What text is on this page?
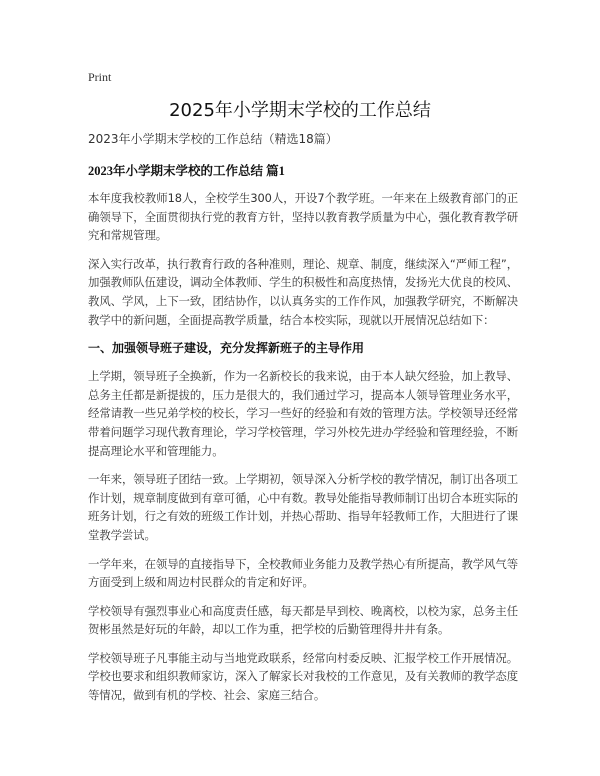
Print
2025年小学期末学校的工作总结

2023年小学期末学校的工作总结（精选18篇）

2023年小学期末学校的工作总结 篇1

本年度我校教师18人，全校学生300人，开设7个教学班。一年来在上级教育部门的正确领导下，全面贯彻执行党的教育方针，坚持以教育教学质量为中心，强化教育教学研究和常规管理。

深入实行改革，执行教育行政的各种准则，理论、规章、制度，继续深入“严师工程”，加强教师队伍建设，调动全体教师、学生的积极性和高度热情，发扬光大优良的校风、教风、学风，上下一致，团结协作，以认真务实的工作作风，加强教学研究，不断解决教学中的新问题，全面提高教学质量，结合本校实际，现就以开展情况总结如下：

一、加强领导班子建设，充分发挥新班子的主导作用

上学期，领导班子全换新，作为一名新校长的我来说，由于本人缺欠经验，加上教导、总务主任都是新提拔的，压力是很大的，我们通过学习，提高本人领导管理业务水平，经常请教一些兄弟学校的校长，学习一些好的经验和有效的管理方法。学校领导还经常带着问题学习现代教育理论，学习学校管理，学习外校先进办学经验和管理经验，不断提高理论水平和管理能力。

一年来，领导班子团结一致。上学期初，领导深入分析学校的教学情况，制订出各项工作计划，规章制度做到有章可循，心中有数。教导处能指导教师制订出切合本班实际的班务计划，行之有效的班级工作计划，并热心帮助、指导年轻教师工作，大胆进行了课堂教学尝试。

一学年来，在领导的直接指导下，全校教师业务能力及教学热心有所提高，教学风气等方面受到上级和周边村民群众的肯定和好评。

学校领导有强烈事业心和高度责任感，每天都是早到校、晚离校，以校为家，总务主任贺彬虽然是好玩的年龄，却以工作为重，把学校的后勤管理得井井有条。

学校领导班子凡事能主动与当地党政联系，经常向村委反映、汇报学校工作开展情况。学校也要求和组织教师家访，深入了解家长对我校的工作意见，及有关教师的教学态度等情况，做到有机的学校、社会、家庭三结合。
